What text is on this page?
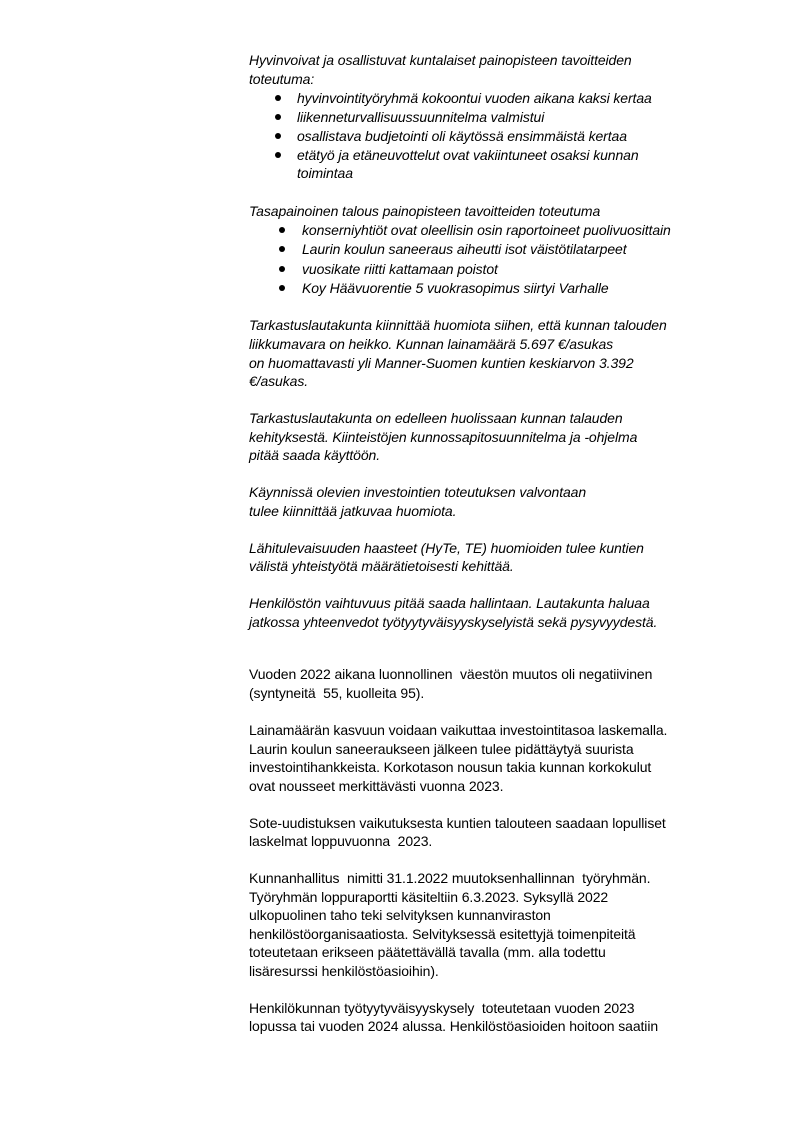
Hyvinvoivat ja osallistuvat kuntalaiset painopisteen tavoitteiden
toteutuma:
hyvinvointityöryhmä kokoontui vuoden aikana kaksi kertaa
liikenneturvallisuussuunnitelma valmistui
osallistava budjetointi oli käytössä ensimmäistä kertaa
etätyö ja etäneuvottelut ovat vakiintuneet osaksi kunnan
toimintaa
Tasapainoinen talous painopisteen tavoitteiden toteutuma
konserniyhtiöt ovat oleellisin osin raportoineet puolivuosittain
Laurin koulun saneeraus aiheutti isot väistötilatarpeet
vuosikate riitti kattamaan poistot
Koy Häävuorentie 5 vuokrasopimus siirtyi Varhalle
Tarkastuslautakunta kiinnittää huomiota siihen, että kunnan talouden
liikkumavara on heikko. Kunnan lainamäärä 5.697 €/asukas
on huomattavasti yli Manner-Suomen kuntien keskiarvon 3.392
€/asukas.
Tarkastuslautakunta on edelleen huolissaan kunnan talauden
kehityksestä. Kiinteistöjen kunnossapitosuunnitelma ja -ohjelma
pitää saada käyttöön.
Käynnissä olevien investointien toteutuksen valvontaan
tulee kiinnittää jatkuvaa huomiota.
Lähitulevaisuuden haasteet (HyTe, TE) huomioiden tulee kuntien
välistä yhteistyötä määrätietoisesti kehittää.
Henkilöstön vaihtuvuus pitää saada hallintaan. Lautakunta haluaa
jatkossa yhteenvedot työtyytyväisyyskyselyistä sekä pysyvyydestä.
Vuoden 2022 aikana luonnollinen  väestön muutos oli negatiivinen
(syntyneitä  55, kuolleita 95).
Lainamäärän kasvuun voidaan vaikuttaa investointitasoa laskemalla.
Laurin koulun saneeraukseen jälkeen tulee pidättäytyä suurista
investointihankkeista. Korkotason nousun takia kunnan korkokulut
ovat nousseet merkittävästi vuonna 2023.
Sote-uudistuksen vaikutuksesta kuntien talouteen saadaan lopulliset
laskelmat loppuvuonna  2023.
Kunnanhallitus  nimitti 31.1.2022 muutoksenhallinnan  työryhmän.
Työryhmän loppuraportti käsiteltiin 6.3.2023. Syksyllä 2022
ulkopuolinen taho teki selvityksen kunnanviraston
henkilöstöorganisaatiosta. Selvityksessä esitettyjä toimenpiteitä
toteutetaan erikseen päätettävällä tavalla (mm. alla todettu
lisäresurssi henkilöstöasioihin).
Henkilökunnan työtyytyväisyyskysely  toteutetaan vuoden 2023
lopussa tai vuoden 2024 alussa. Henkilöstöasioiden hoitoon saatiin
